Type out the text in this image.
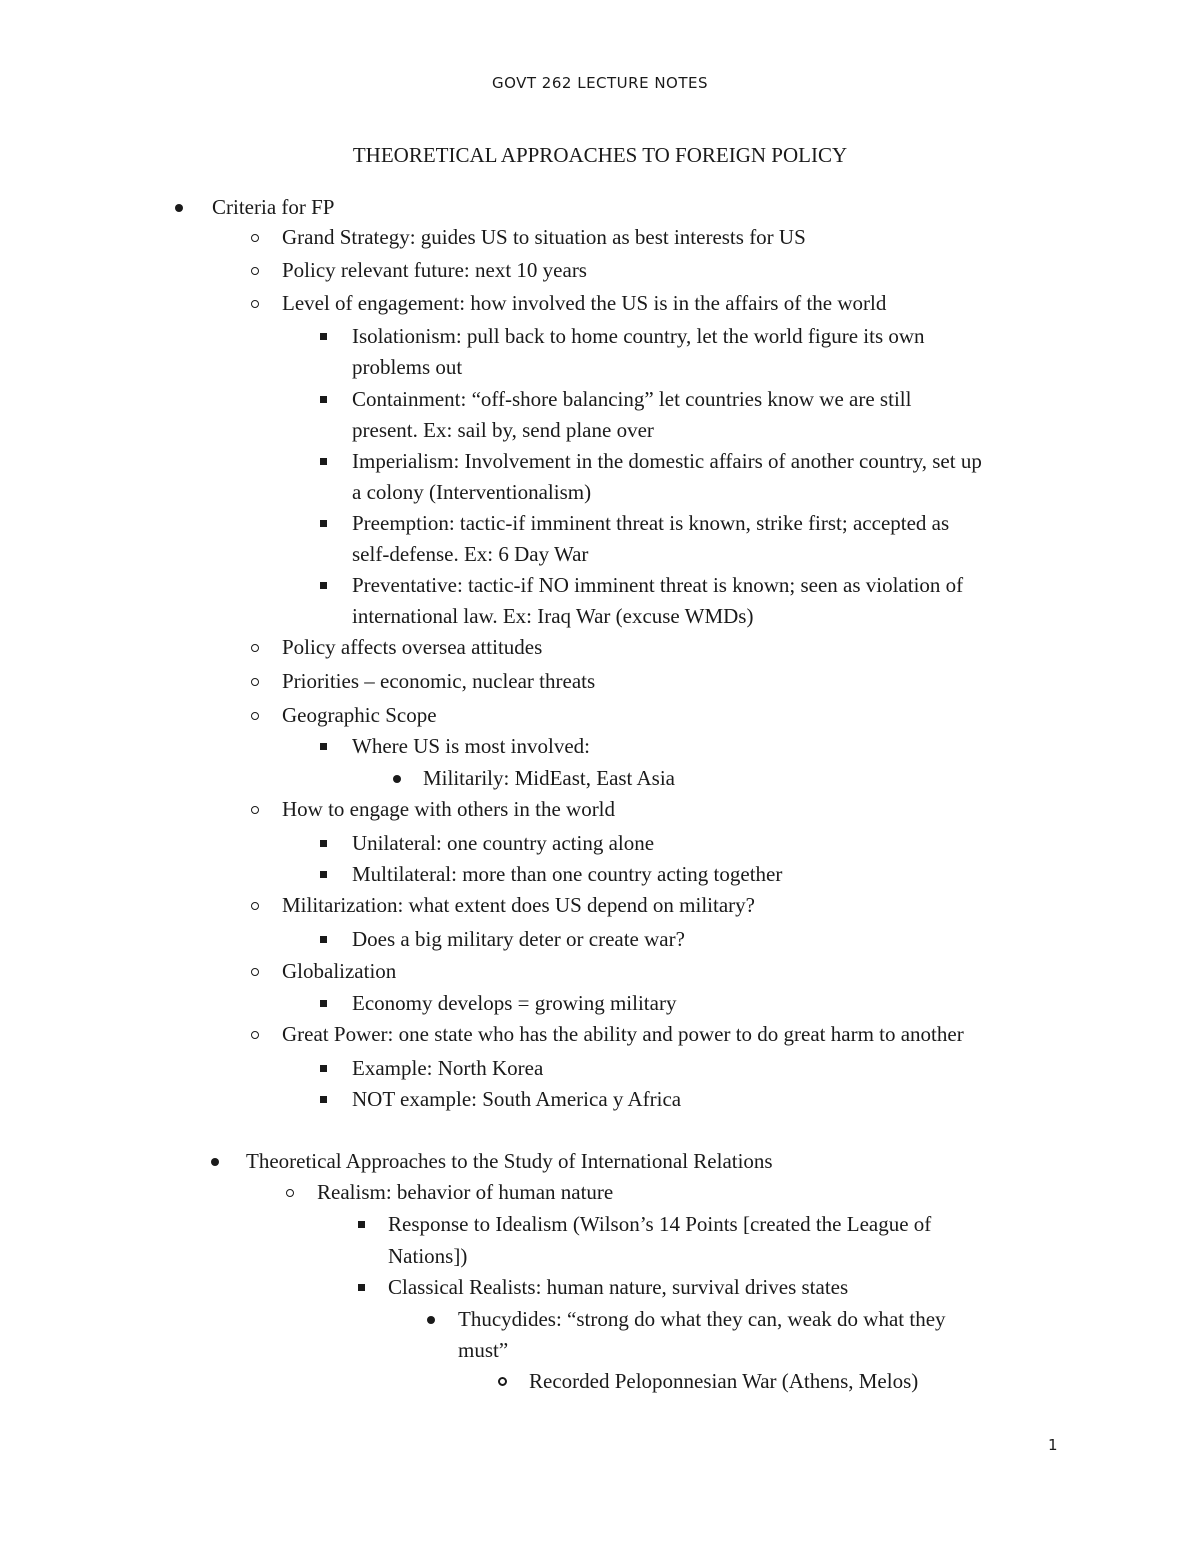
GOVT 262 LECTURE NOTES
THEORETICAL APPROACHES TO FOREIGN POLICY
Criteria for FP
Grand Strategy: guides US to situation as best interests for US
Policy relevant future: next 10 years
Level of engagement: how involved the US is in the affairs of the world
Isolationism: pull back to home country, let the world figure its own
problems out
Containment: “off-shore balancing” let countries know we are still
present. Ex: sail by, send plane over
Imperialism: Involvement in the domestic affairs of another country, set up
a colony (Interventionalism)
Preemption: tactic-if imminent threat is known, strike first; accepted as
self-defense. Ex: 6 Day War
Preventative: tactic-if NO imminent threat is known; seen as violation of
international law. Ex: Iraq War (excuse WMDs)
Policy affects oversea attitudes
Priorities – economic, nuclear threats
Geographic Scope
Where US is most involved:
Militarily: MidEast, East Asia
How to engage with others in the world
Unilateral: one country acting alone
Multilateral: more than one country acting together
Militarization: what extent does US depend on military?
Does a big military deter or create war?
Globalization
Economy develops = growing military
Great Power: one state who has the ability and power to do great harm to another
Example: North Korea
NOT example: South America y Africa
Theoretical Approaches to the Study of International Relations
Realism: behavior of human nature
Response to Idealism (Wilson’s 14 Points [created the League of
Nations])
Classical Realists: human nature, survival drives states
Thucydides: “strong do what they can, weak do what they
must”
Recorded Peloponnesian War (Athens, Melos)
1
